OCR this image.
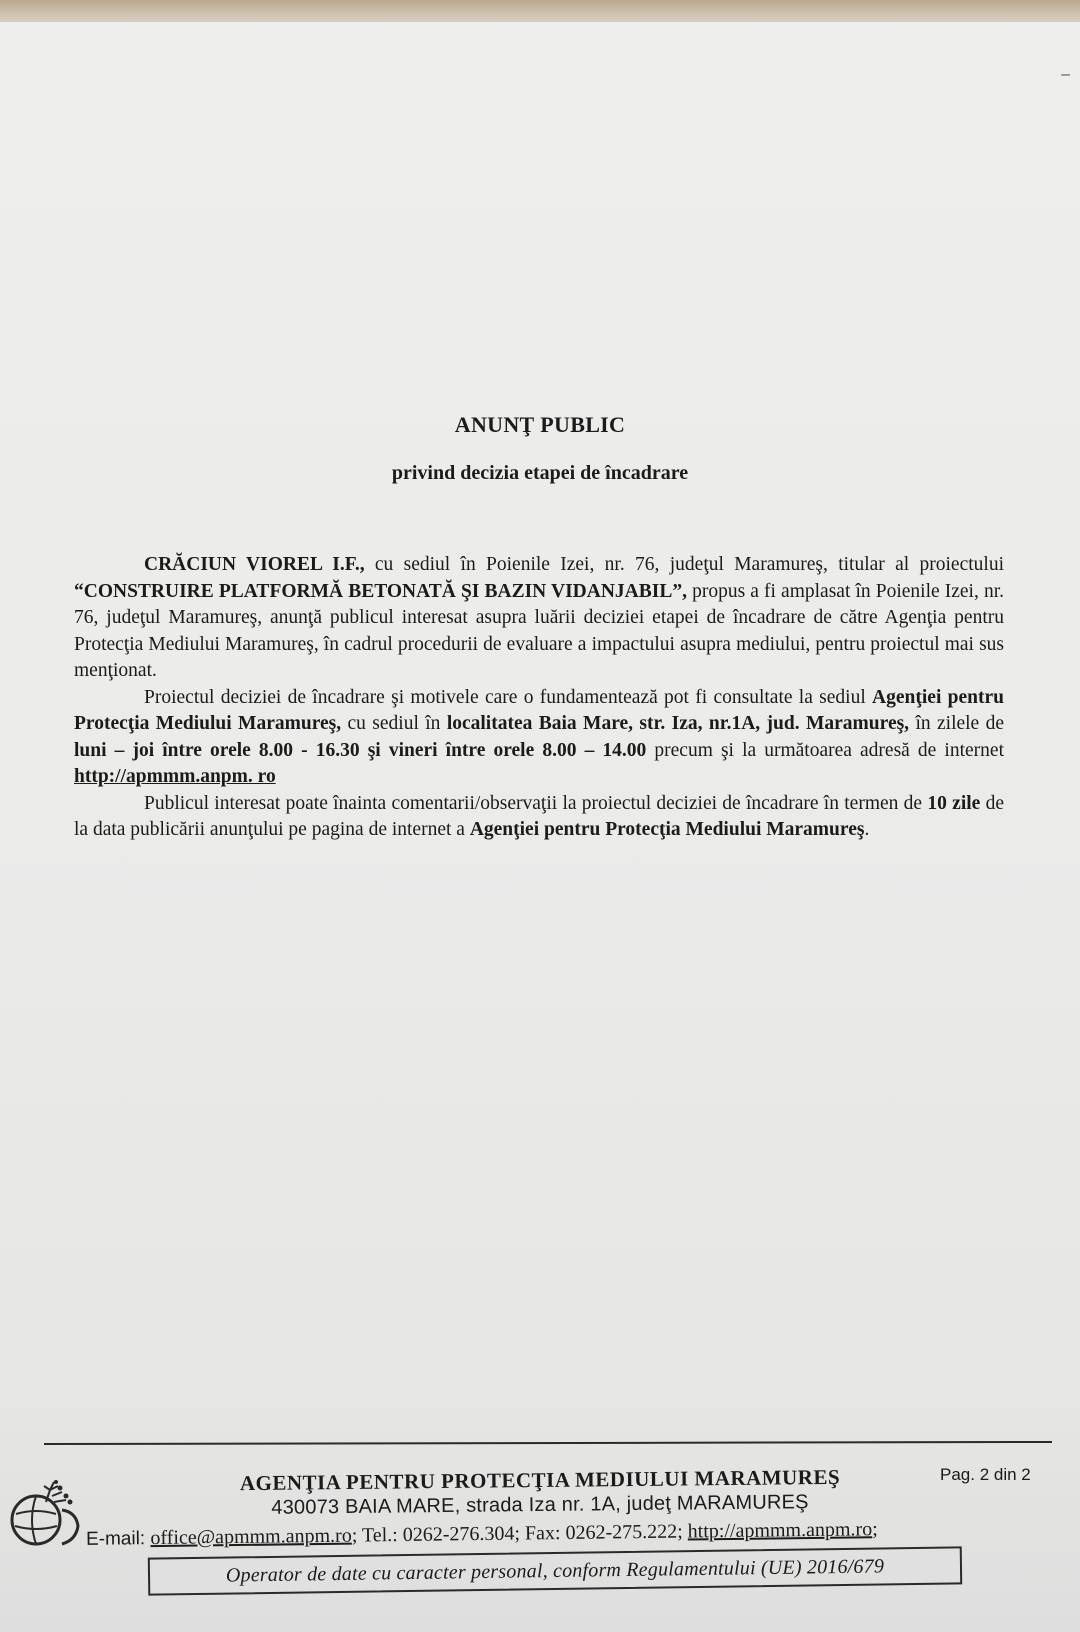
–
ANUNŢ PUBLIC
privind decizia etapei de încadrare

CRĂCIUN VIOREL I.F., cu sediul în Poienile Izei, nr. 76, judeţul Maramureş, titular al proiectului “CONSTRUIRE PLATFORMĂ BETONATĂ ŞI BAZIN VIDANJABIL”, propus a fi amplasat în Poienile Izei, nr. 76, judeţul Maramureş, anunţă publicul interesat asupra luării deciziei etapei de încadrare de către Agenţia pentru Protecţia Mediului Maramureş, în cadrul procedurii de evaluare a impactului asupra mediului, pentru proiectul mai sus menţionat.

Proiectul deciziei de încadrare şi motivele care o fundamentează pot fi consultate la sediul Agenţiei pentru Protecţia Mediului Maramureş, cu sediul în localitatea Baia Mare, str. Iza, nr.1A, jud. Maramureş, în zilele de luni – joi între orele 8.00 - 16.30 şi vineri între orele 8.00 – 14.00 precum şi la următoarea adresă de internet http://apmmm.anpm. ro

Publicul interesat poate înainta comentarii/observaţii la proiectul deciziei de încadrare în termen de 10 zile de la data publicării anunţului pe pagina de internet a Agenţiei pentru Protecţia Mediului Maramureş.

AGENŢIA PENTRU PROTECŢIA MEDIULUI MARAMUREŞ
430073 BAIA MARE, strada Iza nr. 1A, judeţ MARAMUREŞ
Pag. 2 din 2
E-mail: office@apmmm.anpm.ro; Tel.: 0262-276.304; Fax: 0262-275.222; http://apmmm.anpm.ro;
Operator de date cu caracter personal, conform Regulamentului (UE) 2016/679
